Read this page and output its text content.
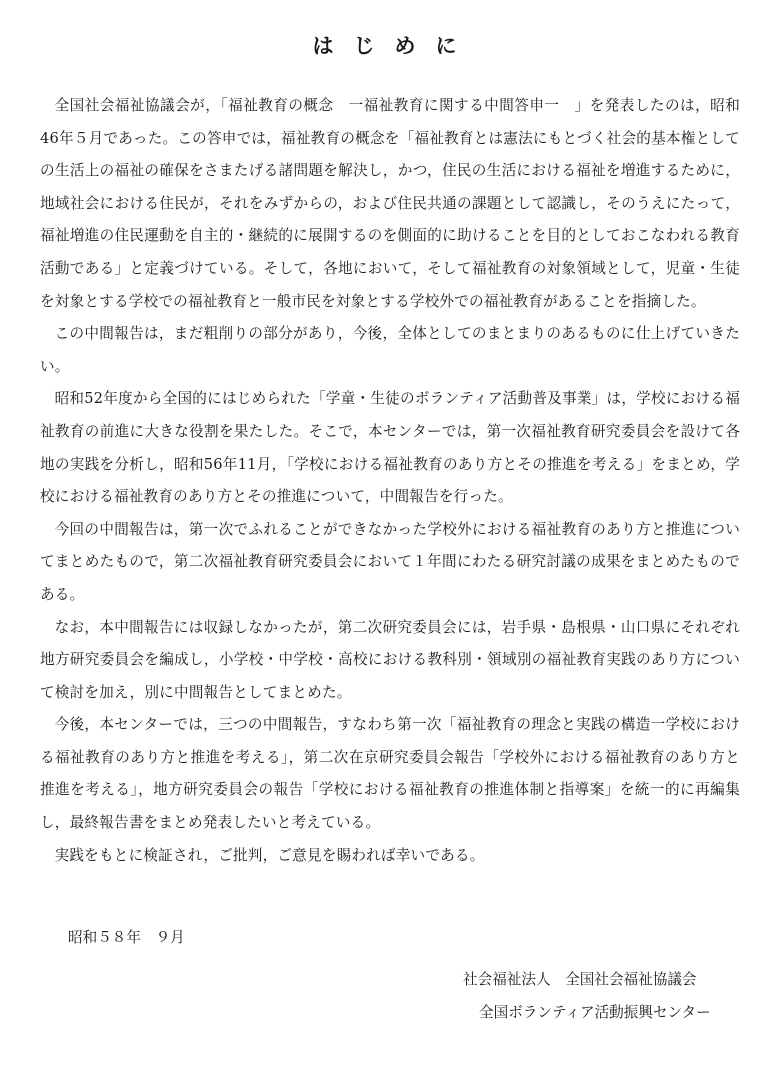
はじめに

全国社会福祉協議会が，「福祉教育の概念　一福祉教育に関する中間答申一　」を発表したのは，昭和46年５月であった。この答申では，福祉教育の概念を「福祉教育とは憲法にもとづく社会的基本権としての生活上の福祉の確保をさまたげる諸問題を解決し，かつ，住民の生活における福祉を増進するために，地域社会における住民が，それをみずからの，および住民共通の課題として認識し，そのうえにたって，福祉増進の住民運動を自主的・継続的に展開するのを側面的に助けることを目的としておこなわれる教育活動である」と定義づけている。そして，各地において，そして福祉教育の対象領域として，児童・生徒を対象とする学校での福祉教育と一般市民を対象とする学校外での福祉教育があることを指摘した。

この中間報告は，まだ粗削りの部分があり，今後，全体としてのまとまりのあるものに仕上げていきたい。

昭和52年度から全国的にはじめられた「学童・生徒のボランティア活動普及事業」は，学校における福祉教育の前進に大きな役割を果たした。そこで，本センターでは，第一次福祉教育研究委員会を設けて各地の実践を分析し，昭和56年11月，「学校における福祉教育のあり方とその推進を考える」をまとめ，学校における福祉教育のあり方とその推進について，中間報告を行った。

今回の中間報告は，第一次でふれることができなかった学校外における福祉教育のあり方と推進についてまとめたもので，第二次福祉教育研究委員会において１年間にわたる研究討議の成果をまとめたものである。

なお，本中間報告には収録しなかったが，第二次研究委員会には，岩手県・島根県・山口県にそれぞれ地方研究委員会を編成し，小学校・中学校・高校における教科別・領域別の福祉教育実践のあり方について検討を加え，別に中間報告としてまとめた。

今後，本センターでは，三つの中間報告，すなわち第一次「福祉教育の理念と実践の構造一学校における福祉教育のあり方と推進を考える」，第二次在京研究委員会報告「学校外における福祉教育のあり方と推進を考える」，地方研究委員会の報告「学校における福祉教育の推進体制と指導案」を統一的に再編集し，最終報告書をまとめ発表したいと考えている。

実践をもとに検証され，ご批判，ご意見を賜われば幸いである。

昭和５８年　９月

社会福祉法人　全国社会福祉協議会

全国ボランティア活動振興センター
